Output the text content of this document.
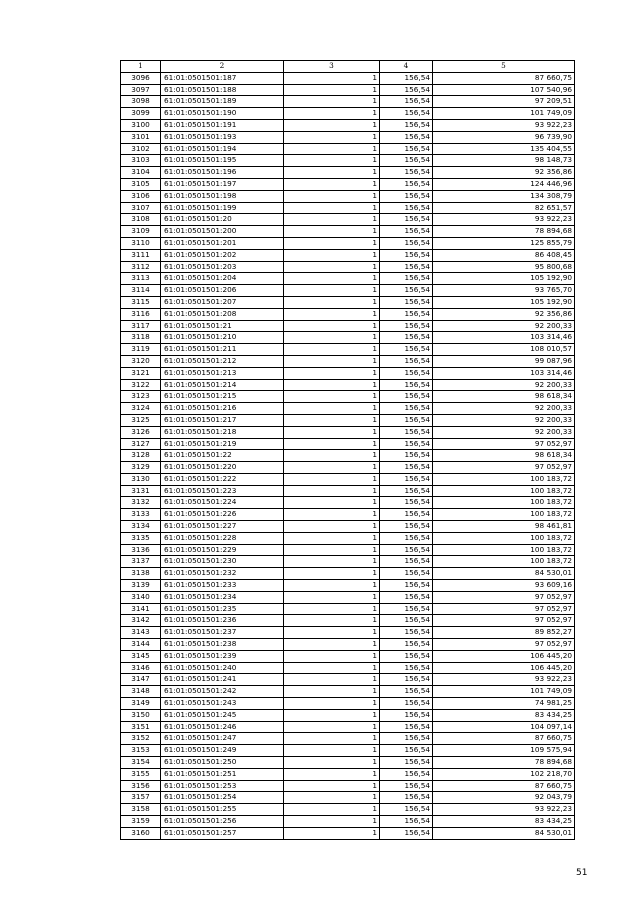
1	2	3	4	5
3096	61:01:0501501:187	1	156,54	87 660,75
3097	61:01:0501501:188	1	156,54	107 540,96
3098	61:01:0501501:189	1	156,54	97 209,51
3099	61:01:0501501:190	1	156,54	101 749,09
3100	61:01:0501501:191	1	156,54	93 922,23
3101	61:01:0501501:193	1	156,54	96 739,90
3102	61:01:0501501:194	1	156,54	135 404,55
3103	61:01:0501501:195	1	156,54	98 148,73
3104	61:01:0501501:196	1	156,54	92 356,86
3105	61:01:0501501:197	1	156,54	124 446,96
3106	61:01:0501501:198	1	156,54	134 308,79
3107	61:01:0501501:199	1	156,54	82 651,57
3108	61:01:0501501:20	1	156,54	93 922,23
3109	61:01:0501501:200	1	156,54	78 894,68
3110	61:01:0501501:201	1	156,54	125 855,79
3111	61:01:0501501:202	1	156,54	86 408,45
3112	61:01:0501501:203	1	156,54	95 800,68
3113	61:01:0501501:204	1	156,54	105 192,90
3114	61:01:0501501:206	1	156,54	93 765,70
3115	61:01:0501501:207	1	156,54	105 192,90
3116	61:01:0501501:208	1	156,54	92 356,86
3117	61:01:0501501:21	1	156,54	92 200,33
3118	61:01:0501501:210	1	156,54	103 314,46
3119	61:01:0501501:211	1	156,54	108 010,57
3120	61:01:0501501:212	1	156,54	99 087,96
3121	61:01:0501501:213	1	156,54	103 314,46
3122	61:01:0501501:214	1	156,54	92 200,33
3123	61:01:0501501:215	1	156,54	98 618,34
3124	61:01:0501501:216	1	156,54	92 200,33
3125	61:01:0501501:217	1	156,54	92 200,33
3126	61:01:0501501:218	1	156,54	92 200,33
3127	61:01:0501501:219	1	156,54	97 052,97
3128	61:01:0501501:22	1	156,54	98 618,34
3129	61:01:0501501:220	1	156,54	97 052,97
3130	61:01:0501501:222	1	156,54	100 183,72
3131	61:01:0501501:223	1	156,54	100 183,72
3132	61:01:0501501:224	1	156,54	100 183,72
3133	61:01:0501501:226	1	156,54	100 183,72
3134	61:01:0501501:227	1	156,54	98 461,81
3135	61:01:0501501:228	1	156,54	100 183,72
3136	61:01:0501501:229	1	156,54	100 183,72
3137	61:01:0501501:230	1	156,54	100 183,72
3138	61:01:0501501:232	1	156,54	84 530,01
3139	61:01:0501501:233	1	156,54	93 609,16
3140	61:01:0501501:234	1	156,54	97 052,97
3141	61:01:0501501:235	1	156,54	97 052,97
3142	61:01:0501501:236	1	156,54	97 052,97
3143	61:01:0501501:237	1	156,54	89 852,27
3144	61:01:0501501:238	1	156,54	97 052,97
3145	61:01:0501501:239	1	156,54	106 445,20
3146	61:01:0501501:240	1	156,54	106 445,20
3147	61:01:0501501:241	1	156,54	93 922,23
3148	61:01:0501501:242	1	156,54	101 749,09
3149	61:01:0501501:243	1	156,54	74 981,25
3150	61:01:0501501:245	1	156,54	83 434,25
3151	61:01:0501501:246	1	156,54	104 097,14
3152	61:01:0501501:247	1	156,54	87 660,75
3153	61:01:0501501:249	1	156,54	109 575,94
3154	61:01:0501501:250	1	156,54	78 894,68
3155	61:01:0501501:251	1	156,54	102 218,70
3156	61:01:0501501:253	1	156,54	87 660,75
3157	61:01:0501501:254	1	156,54	92 043,79
3158	61:01:0501501:255	1	156,54	93 922,23
3159	61:01:0501501:256	1	156,54	83 434,25
3160	61:01:0501501:257	1	156,54	84 530,01
51
